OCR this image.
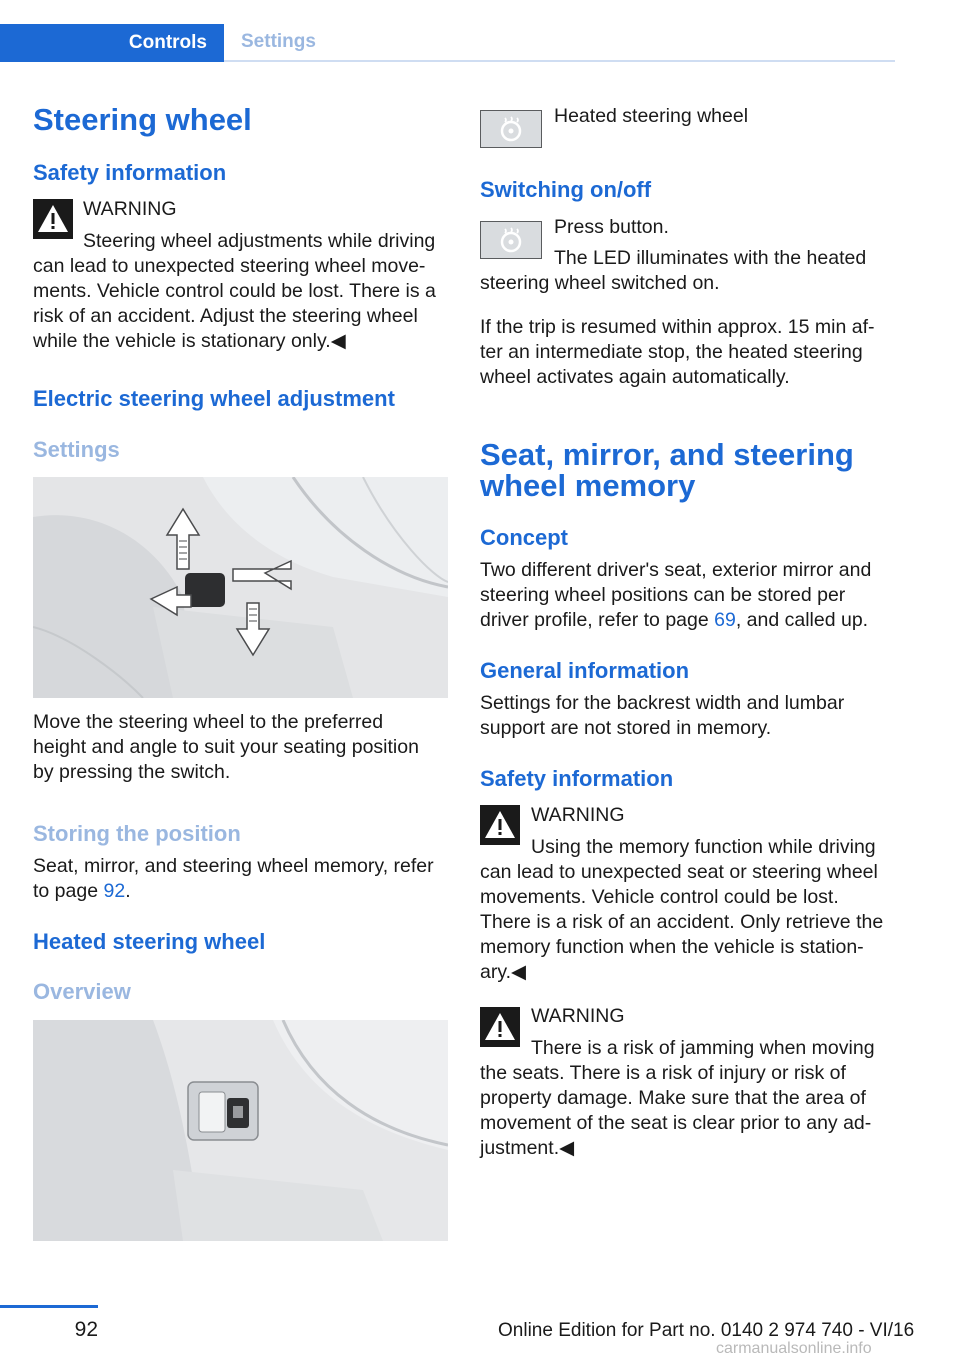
Controls	Settings
Steering wheel
Safety information

WARNING

Steering wheel adjustments while driving

can lead to unexpected steering wheel move-

ments. Vehicle control could be lost. There is a

risk of an accident. Adjust the steering wheel

while the vehicle is stationary only.◀

Electric steering wheel adjustment
Settings

Move the steering wheel to the preferred

height and angle to suit your seating position

by pressing the switch.

Storing the position

Seat, mirror, and steering wheel memory, refer

to page 92.

Heated steering wheel
Overview

Heated steering wheel

Switching on/off

Press button.

The LED illuminates with the heated

steering wheel switched on.

If the trip is resumed within approx. 15 min af-

ter an intermediate stop, the heated steering

wheel activates again automatically.

Seat, mirror, and steering
wheel memory
Concept

Two different driver's seat, exterior mirror and

steering wheel positions can be stored per

driver profile, refer to page 69, and called up.

General information

Settings for the backrest width and lumbar

support are not stored in memory.

Safety information

WARNING

Using the memory function while driving

can lead to unexpected seat or steering wheel

movements. Vehicle control could be lost.

There is a risk of an accident. Only retrieve the

memory function when the vehicle is station-

ary.◀

WARNING

There is a risk of jamming when moving

the seats. There is a risk of injury or risk of

property damage. Make sure that the area of

movement of the seat is clear prior to any ad-

justment.◀

92	Online Edition for Part no. 0140 2 974 740 - VI/16
carmanualsonline.info
